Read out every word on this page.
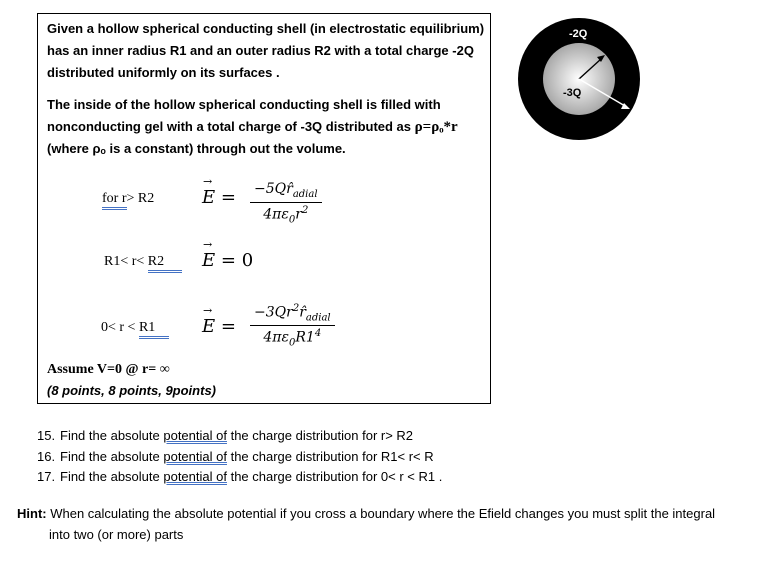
Given a hollow spherical conducting shell (in electrostatic equilibrium)
has an inner radius R1 and an outer radius R2 with a total charge -2Q
distributed uniformly on its surfaces .
The inside of the hollow spherical conducting shell is filled with
nonconducting gel with a total charge of -3Q distributed as ρ=ρₒ*r
(where ρₒ is a constant) through out the volume.
for r> R2	→ $E = -5Qr̂_{adial}$
$4\pi\varepsilon_0r^2$
R1< r< R2	→ E = 0
0< r < R1	→ E =
$-3Qr^2r̂_{adial}$
$4\pi\varepsilon_0R1^4$
Assume V=0 @ r= ∞
(8 points, 8 points, 9points)
-2Q
-3Q
15. Find the absolute potential of the charge distribution for r> R2
16. Find the absolute potential of the charge distribution for R1< r< R
17. Find the absolute potential of the charge distribution for 0< r < R1 .
Hint: When calculating the absolute potential if you cross a boundary where the Efield changes you must split the integral
into two (or more) parts
